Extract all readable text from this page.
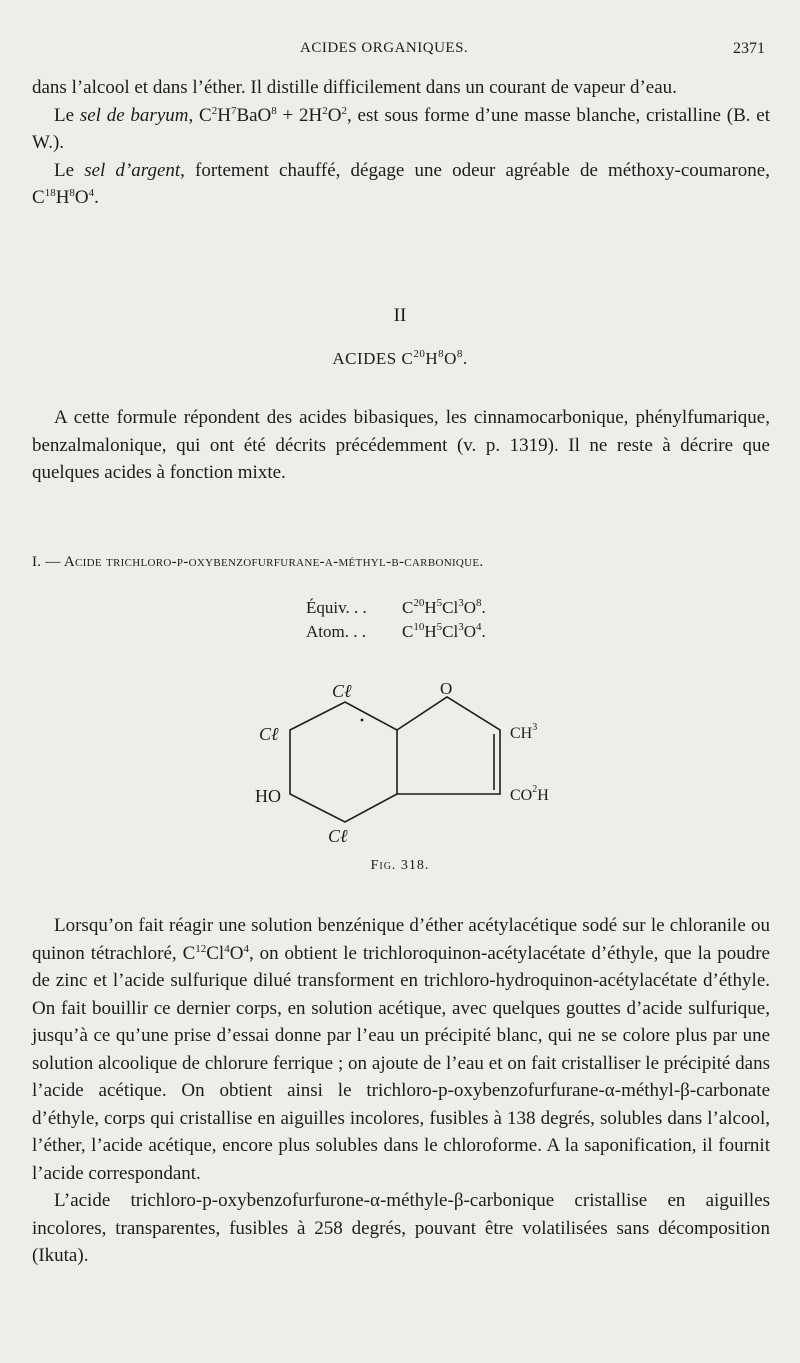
ACIDES ORGANIQUES.	2371

dans l’alcool et dans l’éther. Il distille difficilement dans un courant de vapeur d’eau.

Le sel de baryum, $C^2H^7BaO^8 + 2H^2O^2$, est sous forme d’une masse blanche, cristalline (B. et W.).

Le sel d’argent, fortement chauffé, dégage une odeur agréable de méthoxy-coumarone, $C^{18}H^8O^4$.

II
ACIDES $C^{20}H^8O^8$.

A cette formule répondent des acides bibasiques, les cinnamocarbonique, phénylfumarique, benzalmalonique, qui ont été décrits précédemment (v. p. 1319). Il ne reste à décrire que quelques acides à fonction mixte.

I. — Acide trichloro-p-oxybenzofurfurane-α-méthyl-β-carbonique.
Équiv. . . $C^{20}H^5Cl^3O^8$.
Atom. . . $C^{10}H^5Cl^3O^4$.
Cℓ
Cℓ
HO
Cℓ
O
$CH^3$
$CO^2H$
Fig. 318.

Lorsqu’on fait réagir une solution benzénique d’éther acétylacétique sodé sur le chloranile ou quinon tétrachloré, $C^{12}Cl^4O^4$, on obtient le trichloroquinon-acétylacétate d’éthyle, que la poudre de zinc et l’acide sulfurique dilué transforment en trichloro-hydroquinon-acétylacétate d’éthyle. On fait bouillir ce dernier corps, en solution acétique, avec quelques gouttes d’acide sulfurique, jusqu’à ce qu’une prise d’essai donne par l’eau un précipité blanc, qui ne se colore plus par une solution alcoolique de chlorure ferrique ; on ajoute de l’eau et on fait cristalliser le précipité dans l’acide acétique. On obtient ainsi le trichloro-p-oxybenzofurfurane-α-méthyl-β-carbonate d’éthyle, corps qui cristallise en aiguilles incolores, fusibles à 138 degrés, solubles dans l’alcool, l’éther, l’acide acétique, encore plus solubles dans le chloroforme. A la saponification, il fournit l’acide correspondant.

L’acide trichloro-p-oxybenzofurfurone-α-méthyle-β-carbonique cristallise en aiguilles incolores, transparentes, fusibles à 258 degrés, pouvant être volatilisées sans décomposition (Ikuta).
